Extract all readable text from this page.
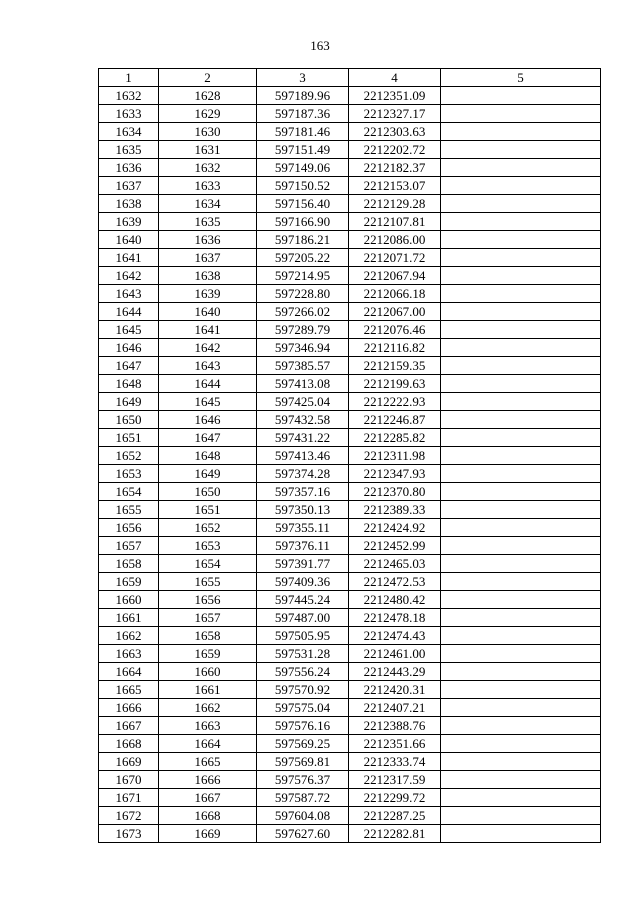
163
1	2	3	4	5
1632	1628	597189.96	2212351.09	
1633	1629	597187.36	2212327.17	
1634	1630	597181.46	2212303.63	
1635	1631	597151.49	2212202.72	
1636	1632	597149.06	2212182.37	
1637	1633	597150.52	2212153.07	
1638	1634	597156.40	2212129.28	
1639	1635	597166.90	2212107.81	
1640	1636	597186.21	2212086.00	
1641	1637	597205.22	2212071.72	
1642	1638	597214.95	2212067.94	
1643	1639	597228.80	2212066.18	
1644	1640	597266.02	2212067.00	
1645	1641	597289.79	2212076.46	
1646	1642	597346.94	2212116.82	
1647	1643	597385.57	2212159.35	
1648	1644	597413.08	2212199.63	
1649	1645	597425.04	2212222.93	
1650	1646	597432.58	2212246.87	
1651	1647	597431.22	2212285.82	
1652	1648	597413.46	2212311.98	
1653	1649	597374.28	2212347.93	
1654	1650	597357.16	2212370.80	
1655	1651	597350.13	2212389.33	
1656	1652	597355.11	2212424.92	
1657	1653	597376.11	2212452.99	
1658	1654	597391.77	2212465.03	
1659	1655	597409.36	2212472.53	
1660	1656	597445.24	2212480.42	
1661	1657	597487.00	2212478.18	
1662	1658	597505.95	2212474.43	
1663	1659	597531.28	2212461.00	
1664	1660	597556.24	2212443.29	
1665	1661	597570.92	2212420.31	
1666	1662	597575.04	2212407.21	
1667	1663	597576.16	2212388.76	
1668	1664	597569.25	2212351.66	
1669	1665	597569.81	2212333.74	
1670	1666	597576.37	2212317.59	
1671	1667	597587.72	2212299.72	
1672	1668	597604.08	2212287.25	
1673	1669	597627.60	2212282.81	
